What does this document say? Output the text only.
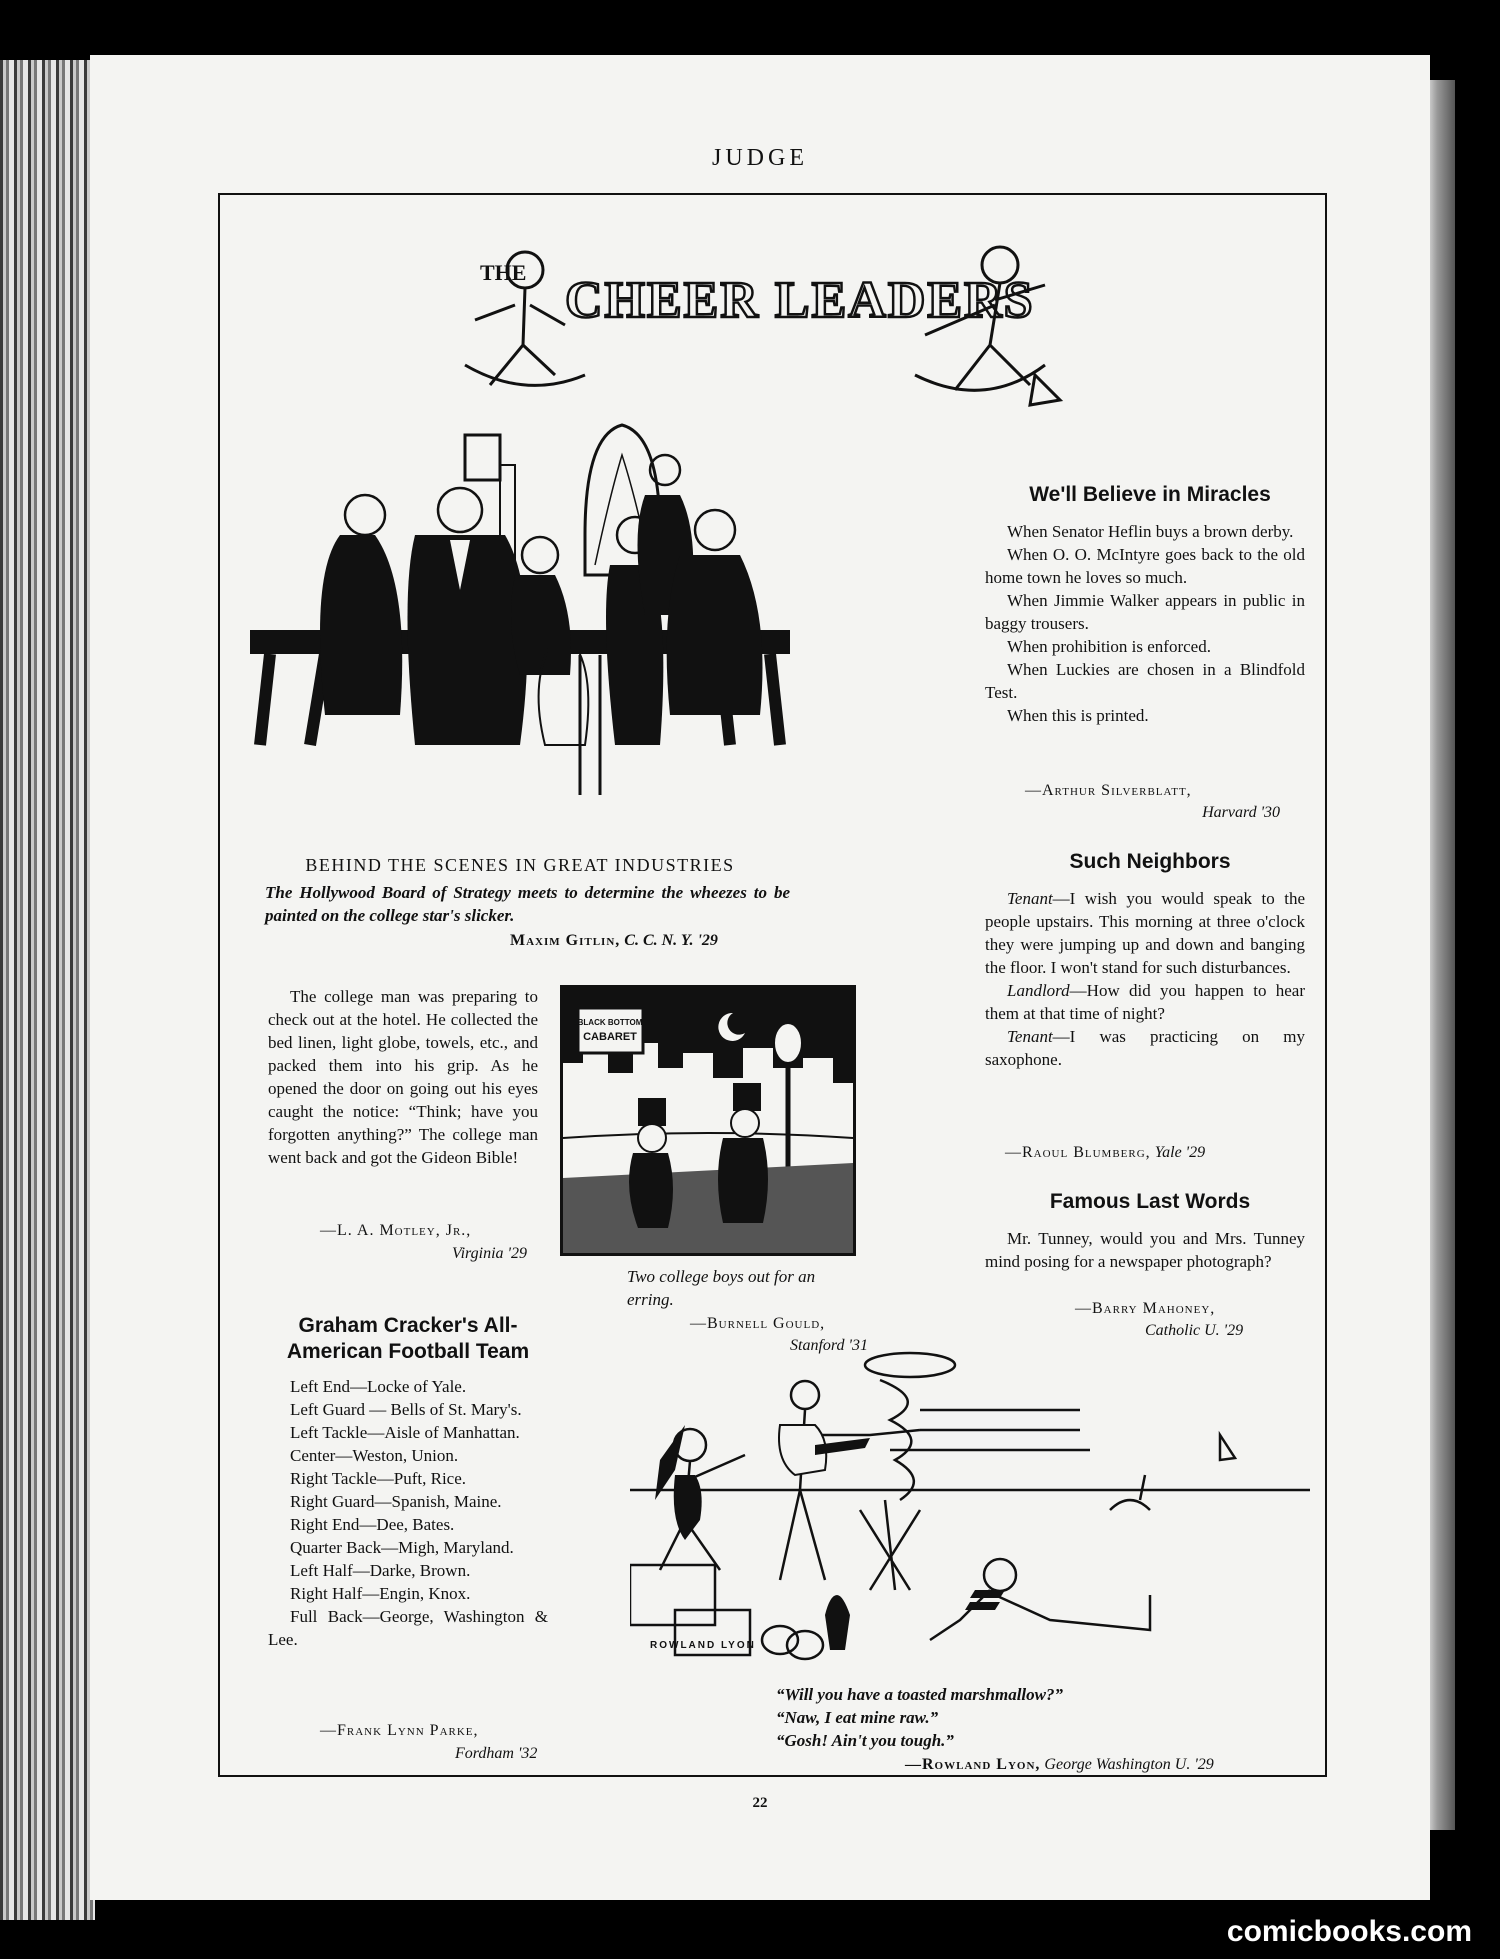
JUDGE
THE CHEER LEADERS
BEHIND THE SCENES IN GREAT INDUSTRIES
The Hollywood Board of Strategy meets to determine the wheezes to be painted on the college star's slicker.
Maxim Gitlin, C. C. N. Y. '29
We'll Believe in Miracles

When Senator Heflin buys a brown derby.

When O. O. McIntyre goes back to the old home town he loves so much.

When Jimmie Walker appears in public in baggy trousers.

When prohibition is enforced.

When Luckies are chosen in a Blindfold Test.

When this is printed.

—Arthur Silverblatt,
Harvard '30
Such Neighbors

Tenant—I wish you would speak to the people upstairs. This morning at three o'clock they were jumping up and down and banging the floor. I won't stand for such disturbances.

Landlord—How did you happen to hear them at that time of night?

Tenant—I was practicing on my saxophone.

—Raoul Blumberg, Yale '29

The college man was preparing to check out at the hotel. He collected the bed linen, light globe, towels, etc., and packed them into his grip. As he opened the door on going out his eyes caught the notice: “Think; have you forgotten anything?” The college man went back and got the Gideon Bible!

—L. A. Motley, Jr.,
Virginia '29
BLACK BOTTOM
CABARET
Two college boys out for an erring.
—Burnell Gould,
Stanford '31
Famous Last Words

Mr. Tunney, would you and Mrs. Tunney mind posing for a newspaper photograph?

—Barry Mahoney,
Catholic U. '29
Graham Cracker's All-American Football Team

Left End—Locke of Yale.

Left Guard — Bells of St. Mary's.

Left Tackle—Aisle of Manhattan.

Center—Weston, Union.

Right Tackle—Puft, Rice.

Right Guard—Spanish, Maine.

Right End—Dee, Bates.

Quarter Back—Migh, Maryland.

Left Half—Darke, Brown.

Right Half—Engin, Knox.

Full Back—George, Washington & Lee.

—Frank Lynn Parke,
Fordham '32
ROWLAND LYON
“Will you have a toasted marshmallow?”
“Naw, I eat mine raw.”
“Gosh! Ain't you tough.”
—Rowland Lyon, George Washington U. '29
22
comicbooks.com
